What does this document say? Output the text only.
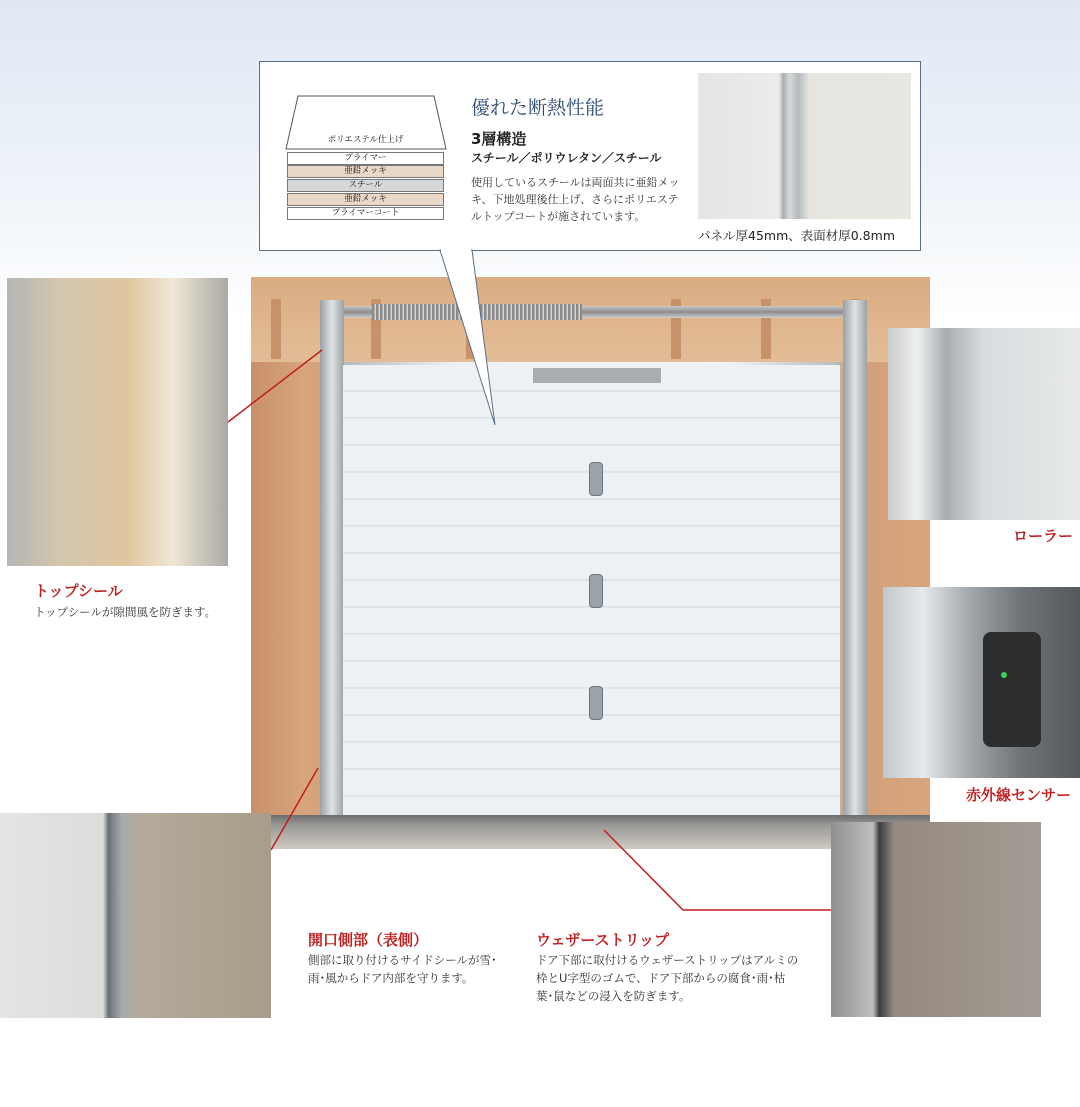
ポリエステル仕上げ
プライマー
亜鉛メッキ
スチール
亜鉛メッキ
プライマーコート
優れた断熱性能
3層構造
スチール／ポリウレタン／スチール
使用しているスチールは両面共に亜鉛メッキ、下地処理後仕上げ、さらにポリエステルトップコートが施されています。
パネル厚45mm、表面材厚0.8mm
トップシール
トップシールが隙間風を防ぎます。
ローラー
赤外線センサー
開口側部（表側）
側部に取り付けるサイドシールが雪･雨･風からドア内部を守ります。
ウェザーストリップ
ドア下部に取付けるウェザーストリップはアルミの枠とU字型のゴムで、ドア下部からの腐食･雨･枯葉･鼠などの浸入を防ぎます。
